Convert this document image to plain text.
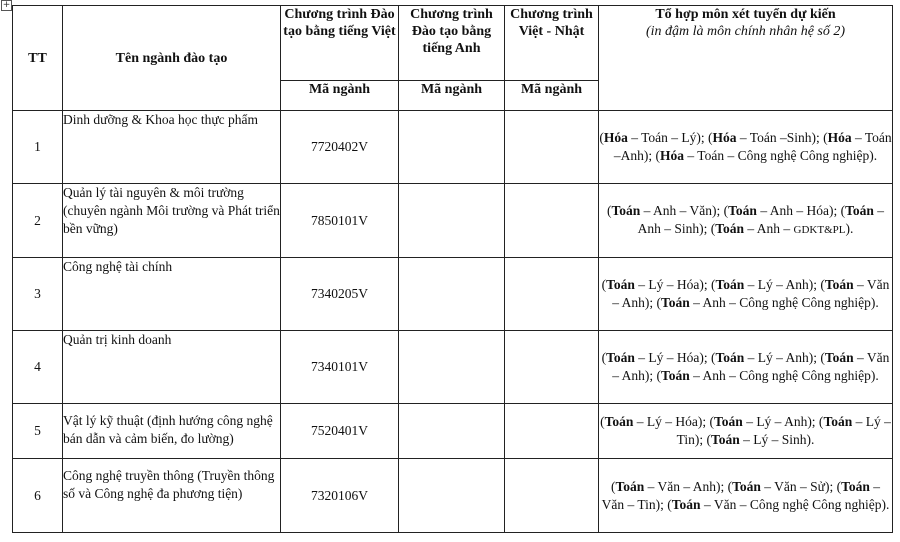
+
TT	Tên ngành đào tạo	Chương trình Đào tạo bằng tiếng Việt	Chương trình Đào tạo bằng tiếng Anh	Chương trình Việt - Nhật	Tổ hợp môn xét tuyển dự kiến
(in đậm là môn chính nhân hệ số 2)

		Mã ngành	Mã ngành	Mã ngành	
1	Dinh dưỡng & Khoa học thực phẩm	7720402V			(Hóa – Toán – Lý); (Hóa – Toán –Sinh); (Hóa – Toán –Anh); (Hóa – Toán – Công nghệ Công nghiệp).
2	Quản lý tài nguyên & môi trường (chuyên ngành Môi trường và Phát triển bền vững)	7850101V			(Toán – Anh – Văn); (Toán – Anh – Hóa); (Toán – Anh – Sinh); (Toán – Anh – GDKT&PL).
3	Công nghệ tài chính	7340205V			(Toán – Lý – Hóa); (Toán – Lý – Anh); (Toán – Văn – Anh); (Toán – Anh – Công nghệ Công nghiệp).
4	Quản trị kinh doanh	7340101V			(Toán – Lý – Hóa); (Toán – Lý – Anh); (Toán – Văn – Anh); (Toán – Anh – Công nghệ Công nghiệp).
5	Vật lý kỹ thuật (định hướng công nghệ bán dẫn và cảm biến, đo lường)	7520401V			(Toán – Lý – Hóa); (Toán – Lý – Anh); (Toán – Lý – Tin); (Toán – Lý – Sinh).
6	Công nghệ truyền thông (Truyền thông số và Công nghệ đa phương tiện)	7320106V			(Toán – Văn – Anh); (Toán – Văn – Sử); (Toán – Văn – Tin); (Toán – Văn – Công nghệ Công nghiệp).
